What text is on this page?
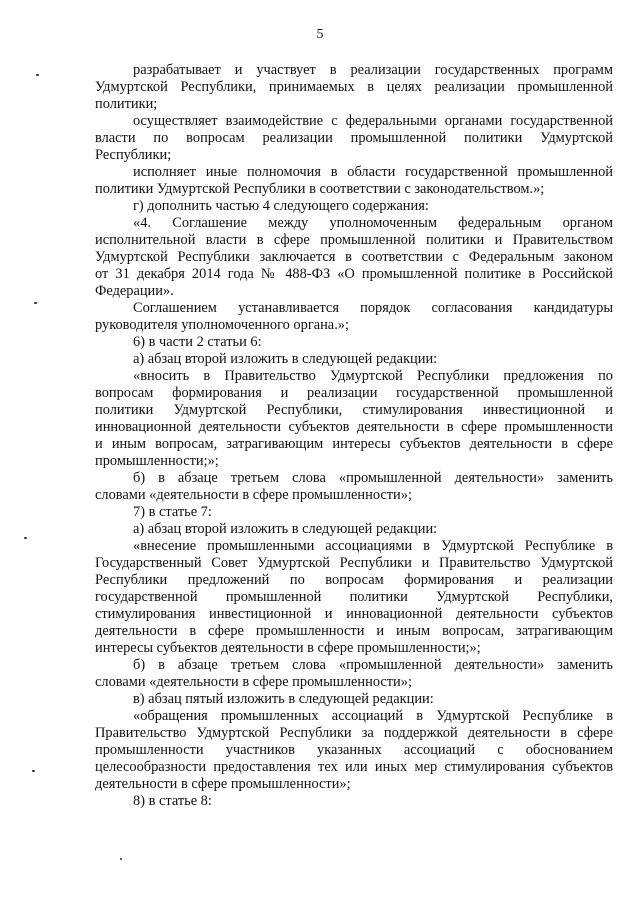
5
разрабатывает и участвует в реализации государственных программ
Удмуртской Республики, принимаемых в целях реализации промышленной
политики;
осуществляет взаимодействие с федеральными органами государственной
власти по вопросам реализации промышленной политики Удмуртской
Республики;
исполняет иные полномочия в области государственной промышленной
политики Удмуртской Республики в соответствии с законодательством.»;
г) дополнить частью 4 следующего содержания:
«4. Соглашение между уполномоченным федеральным органом
исполнительной власти в сфере промышленной политики и Правительством
Удмуртской Республики заключается в соответствии с Федеральным законом
от 31 декабря 2014 года № 488-ФЗ «О промышленной политике в Российской
Федерации».
Соглашением устанавливается порядок согласования кандидатуры
руководителя уполномоченного органа.»;
6) в части 2 статьи 6:
а) абзац второй изложить в следующей редакции:
«вносить в Правительство Удмуртской Республики предложения по
вопросам формирования и реализации государственной промышленной
политики Удмуртской Республики, стимулирования инвестиционной и
инновационной деятельности субъектов деятельности в сфере промышленности
и иным вопросам, затрагивающим интересы субъектов деятельности в сфере
промышленности;»;
б) в абзаце третьем слова «промышленной деятельности» заменить
словами «деятельности в сфере промышленности»;
7) в статье 7:
а) абзац второй изложить в следующей редакции:
«внесение промышленными ассоциациями в Удмуртской Республике в
Государственный Совет Удмуртской Республики и Правительство Удмуртской
Республики предложений по вопросам формирования и реализации
государственной промышленной политики Удмуртской Республики,
стимулирования инвестиционной и инновационной деятельности субъектов
деятельности в сфере промышленности и иным вопросам, затрагивающим
интересы субъектов деятельности в сфере промышленности;»;
б) в абзаце третьем слова «промышленной деятельности» заменить
словами «деятельности в сфере промышленности»;
в) абзац пятый изложить в следующей редакции:
«обращения промышленных ассоциаций в Удмуртской Республике в
Правительство Удмуртской Республики за поддержкой деятельности в сфере
промышленности участников указанных ассоциаций с обоснованием
целесообразности предоставления тех или иных мер стимулирования субъектов
деятельности в сфере промышленности»;
8) в статье 8:
